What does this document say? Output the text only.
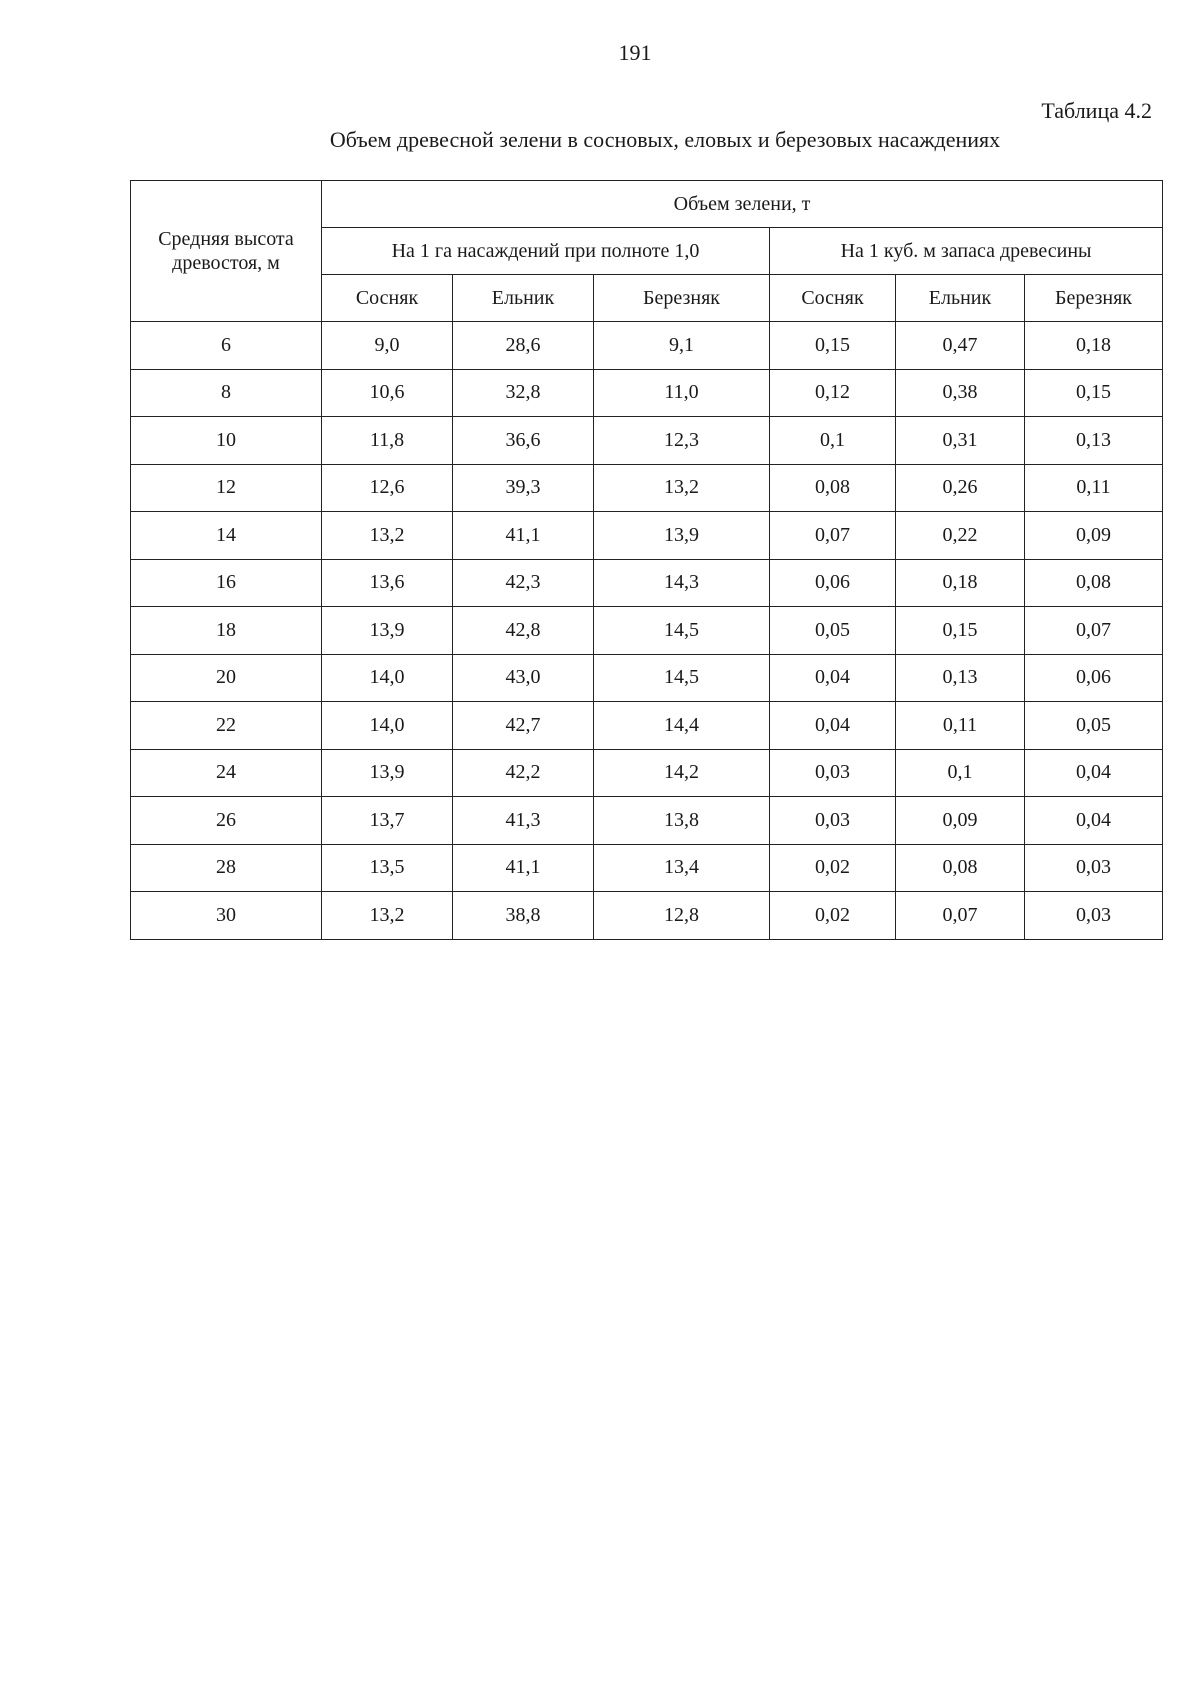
191
Таблица 4.2
Объем древесной зелени в сосновых, еловых и березовых насаждениях
Средняя высота древостоя, м	Объем зелени, т					
	На 1 га насаждений при полноте 1,0			На 1 куб. м запаса древесины		
	Сосняк	Ельник	Березняк	Сосняк	Ельник	Березняк
6	9,0	28,6	9,1	0,15	0,47	0,18
8	10,6	32,8	11,0	0,12	0,38	0,15
10	11,8	36,6	12,3	0,1	0,31	0,13
12	12,6	39,3	13,2	0,08	0,26	0,11
14	13,2	41,1	13,9	0,07	0,22	0,09
16	13,6	42,3	14,3	0,06	0,18	0,08
18	13,9	42,8	14,5	0,05	0,15	0,07
20	14,0	43,0	14,5	0,04	0,13	0,06
22	14,0	42,7	14,4	0,04	0,11	0,05
24	13,9	42,2	14,2	0,03	0,1	0,04
26	13,7	41,3	13,8	0,03	0,09	0,04
28	13,5	41,1	13,4	0,02	0,08	0,03
30	13,2	38,8	12,8	0,02	0,07	0,03
